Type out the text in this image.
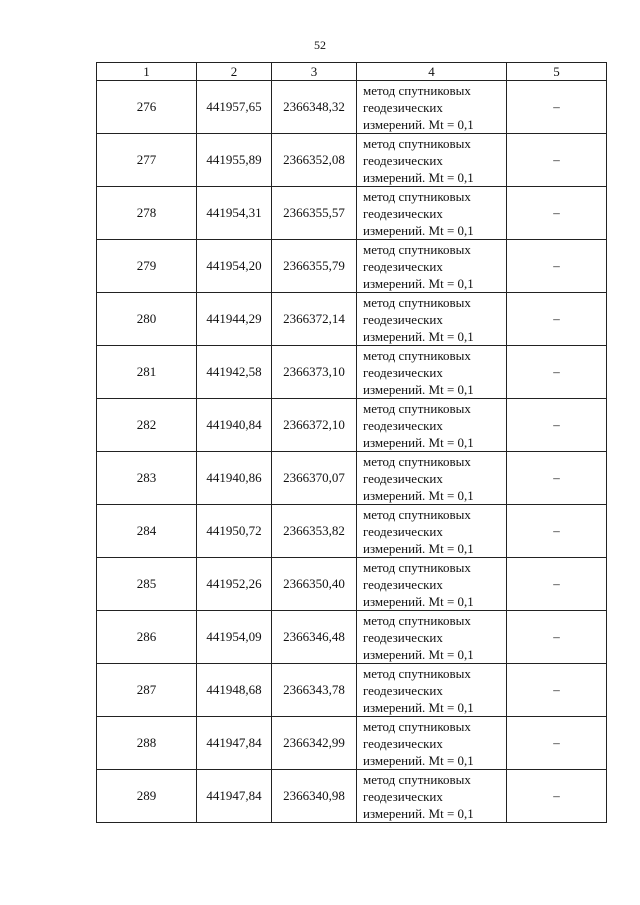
52
1	2	3	4	5
276	441957,65	2366348,32	метод спутниковых
геодезических
измерений. Mt = 0,1	–
277	441955,89	2366352,08	метод спутниковых
геодезических
измерений. Mt = 0,1	–
278	441954,31	2366355,57	метод спутниковых
геодезических
измерений. Mt = 0,1	–
279	441954,20	2366355,79	метод спутниковых
геодезических
измерений. Mt = 0,1	–
280	441944,29	2366372,14	метод спутниковых
геодезических
измерений. Mt = 0,1	–
281	441942,58	2366373,10	метод спутниковых
геодезических
измерений. Mt = 0,1	–
282	441940,84	2366372,10	метод спутниковых
геодезических
измерений. Mt = 0,1	–
283	441940,86	2366370,07	метод спутниковых
геодезических
измерений. Mt = 0,1	–
284	441950,72	2366353,82	метод спутниковых
геодезических
измерений. Mt = 0,1	–
285	441952,26	2366350,40	метод спутниковых
геодезических
измерений. Mt = 0,1	–
286	441954,09	2366346,48	метод спутниковых
геодезических
измерений. Mt = 0,1	–
287	441948,68	2366343,78	метод спутниковых
геодезических
измерений. Mt = 0,1	–
288	441947,84	2366342,99	метод спутниковых
геодезических
измерений. Mt = 0,1	–
289	441947,84	2366340,98	метод спутниковых
геодезических
измерений. Mt = 0,1	–
